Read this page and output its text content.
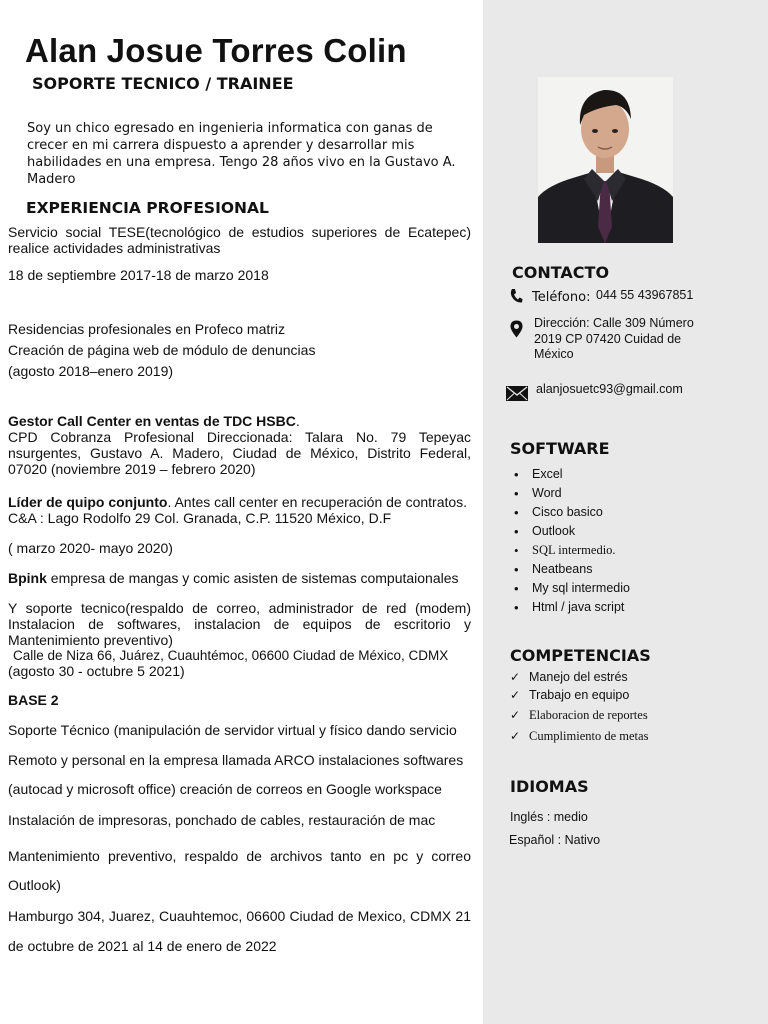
Alan Josue Torres Colin
SOPORTE TECNICO / TRAINEE
Soy un chico egresado en ingenieria informatica con ganas de crecer en mi carrera dispuesto a aprender y desarrollar mis habilidades en una empresa. Tengo 28 años vivo en la Gustavo A. Madero
EXPERIENCIA PROFESIONAL
Servicio social TESE(tecnológico de estudios superiores de Ecatepec) realice actividades administrativas
18 de septiembre 2017-18 de marzo 2018
Residencias profesionales en Profeco matriz
Creación de página web de módulo de denuncias
(agosto 2018–enero 2019)
Gestor Call Center en ventas de TDC HSBC.
CPD Cobranza Profesional Direccionada: Talara No. 79 Tepeyac nsurgentes, Gustavo A. Madero, Ciudad de México, Distrito Federal, 07020 (noviembre 2019 – febrero 2020)
Líder de quipo conjunto. Antes call center en recuperación de contratos.
C&A : Lago Rodolfo 29 Col. Granada, C.P. 11520 México, D.F
( marzo 2020- mayo 2020)
Bpink empresa de mangas y comic asisten de sistemas computaionales
Y soporte tecnico(respaldo de correo, administrador de red (modem) Instalacion de softwares, instalacion de equipos de escritorio y Mantenimiento preventivo)
Calle de Niza 66, Juárez, Cuauhtémoc, 06600 Ciudad de México, CDMX
(agosto 30 - octubre 5 2021)
BASE 2
Soporte Técnico (manipulación de servidor virtual y físico dando servicio
Remoto y personal en la empresa llamada ARCO instalaciones softwares
(autocad y microsoft office) creación de correos en Google workspace
Instalación de impresoras, ponchado de cables, restauración de mac
Mantenimiento preventivo, respaldo de archivos tanto en pc y correo Outlook)
Hamburgo 304, Juarez, Cuauhtemoc, 06600 Ciudad de Mexico, CDMX 21 de octubre de 2021 al 14 de enero de 2022
CONTACTO
Teléfono: 044 55 43967851
Dirección: Calle 309 Número 2019 CP 07420 Cuidad de México
alanjosuetc93@gmail.com
SOFTWARE
• Excel
• Word
• Cisco basico
• Outlook
• SQL intermedio.
• Neatbeans
• My sql intermedio
• Html / java script
COMPETENCIAS
✓ Manejo del estrés
✓ Trabajo en equipo
✓ Elaboracion de reportes
✓ Cumplimiento de metas
IDIOMAS
Inglés : medio
Español : Nativo
